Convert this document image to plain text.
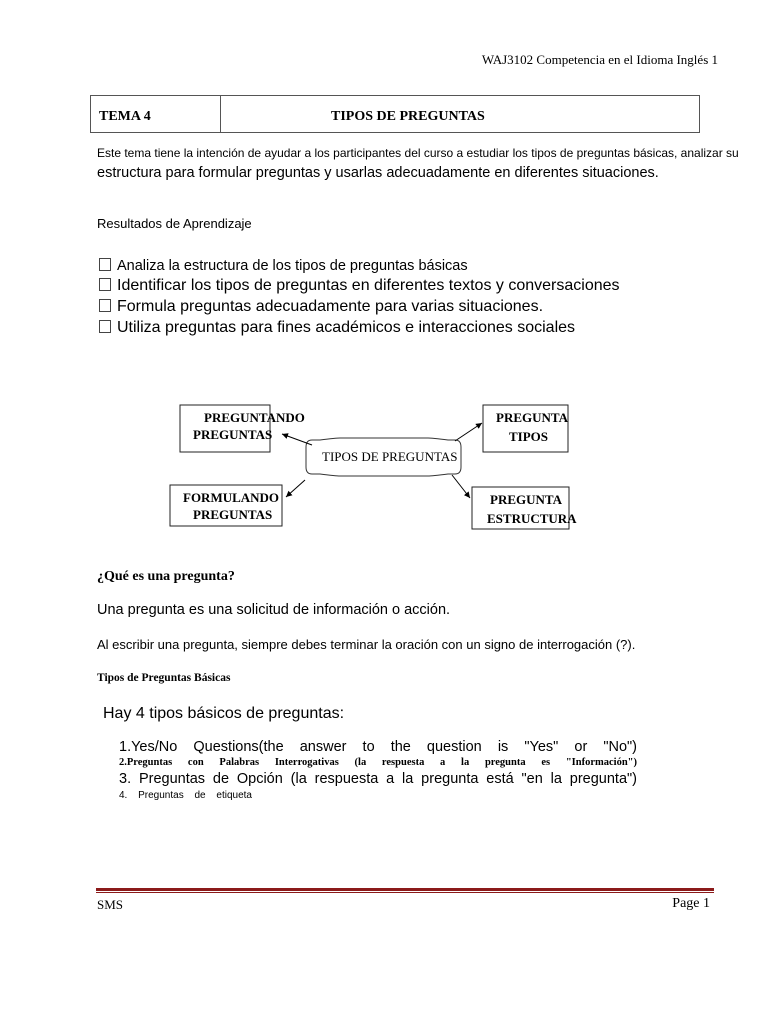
WAJ3102 Competencia en el Idioma Inglés 1
TEMA 4	TIPOS DE PREGUNTAS
Este tema tiene la intención de ayudar a los participantes del curso a estudiar los tipos de preguntas básicas, analizar su
estructura para formular preguntas y usarlas adecuadamente en diferentes situaciones.
Resultados de Aprendizaje
Analiza la estructura de los tipos de preguntas básicas
Identificar los tipos de preguntas en diferentes textos y conversaciones
Formula preguntas adecuadamente para varias situaciones.
Utiliza preguntas para fines académicos e interacciones sociales
TIPOS DE PREGUNTAS
PREGUNTANDO
PREGUNTAS
FORMULANDO
PREGUNTAS
PREGUNTA
TIPOS
PREGUNTA
ESTRUCTURA
¿Qué es una pregunta?
Una pregunta es una solicitud de información o acción.
Al escribir una pregunta, siempre debes terminar la oración con un signo de interrogación (?).
Tipos de Preguntas Básicas
Hay 4 tipos básicos de preguntas:
1.Yes/No Questions(the answer to the question is "Yes" or "No")
2.Preguntas con Palabras Interrogativas (la respuesta a la pregunta es "Información")
3. Preguntas de Opción (la respuesta a la pregunta está "en la pregunta")
4. Preguntas de etiqueta
SMS	Page 1
